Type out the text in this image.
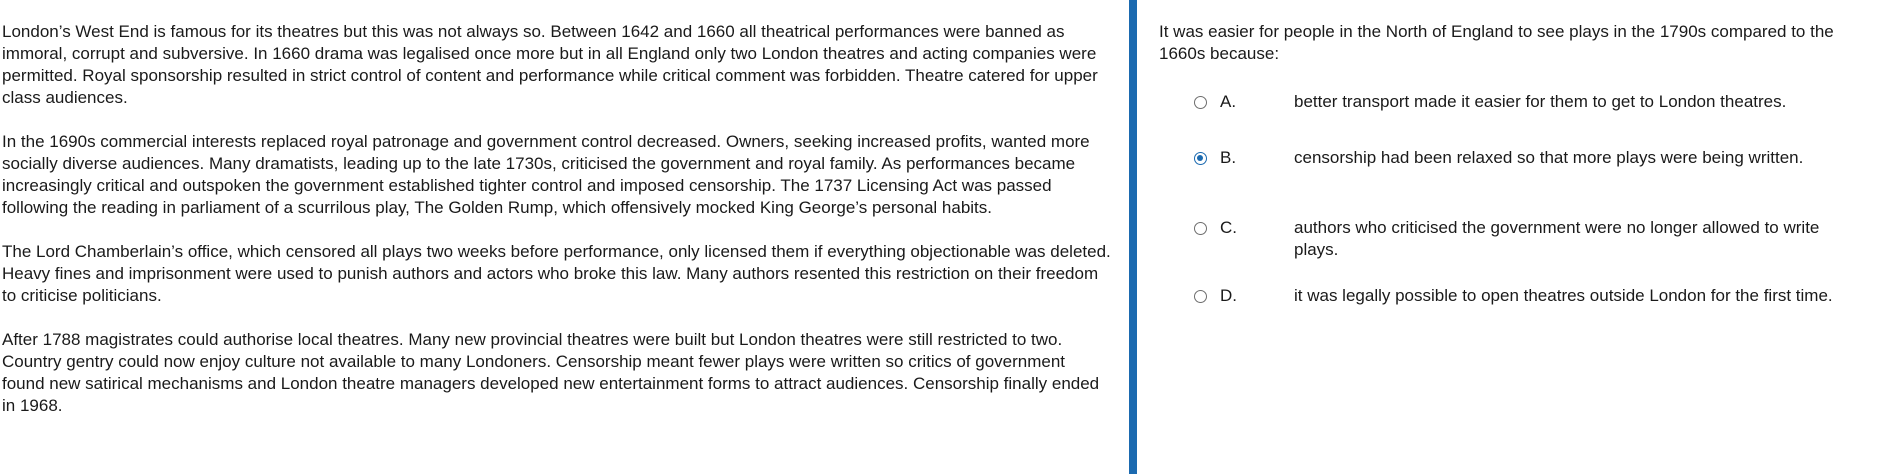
London’s West End is famous for its theatres but this was not always so. Between 1642 and 1660 all theatrical performances were banned as immoral, corrupt and subversive. In 1660 drama was legalised once more but in all England only two London theatres and acting companies were permitted. Royal sponsorship resulted in strict control of content and performance while critical comment was forbidden. Theatre catered for upper class audiences.

In the 1690s commercial interests replaced royal patronage and government control decreased. Owners, seeking increased profits, wanted more socially diverse audiences. Many dramatists, leading up to the late 1730s, criticised the government and royal family. As performances became increasingly critical and outspoken the government established tighter control and imposed censorship. The 1737 Licensing Act was passed following the reading in parliament of a scurrilous play, The Golden Rump, which offensively mocked King George’s personal habits.

The Lord Chamberlain’s office, which censored all plays two weeks before performance, only licensed them if everything objectionable was deleted. Heavy fines and imprisonment were used to punish authors and actors who broke this law. Many authors resented this restriction on their freedom to criticise politicians.

After 1788 magistrates could authorise local theatres. Many new provincial theatres were built but London theatres were still restricted to two. Country gentry could now enjoy culture not available to many Londoners. Censorship meant fewer plays were written so critics of government found new satirical mechanisms and London theatre managers developed new entertainment forms to attract audiences. Censorship finally ended in 1968.

It was easier for people in the North of England to see plays in the 1790s compared to the 1660s because:

A.	better transport made it easier for them to get to London theatres.
B.	censorship had been relaxed so that more plays were being written.
C.	authors who criticised the government were no longer allowed to write plays.
D.	it was legally possible to open theatres outside London for the first time.
